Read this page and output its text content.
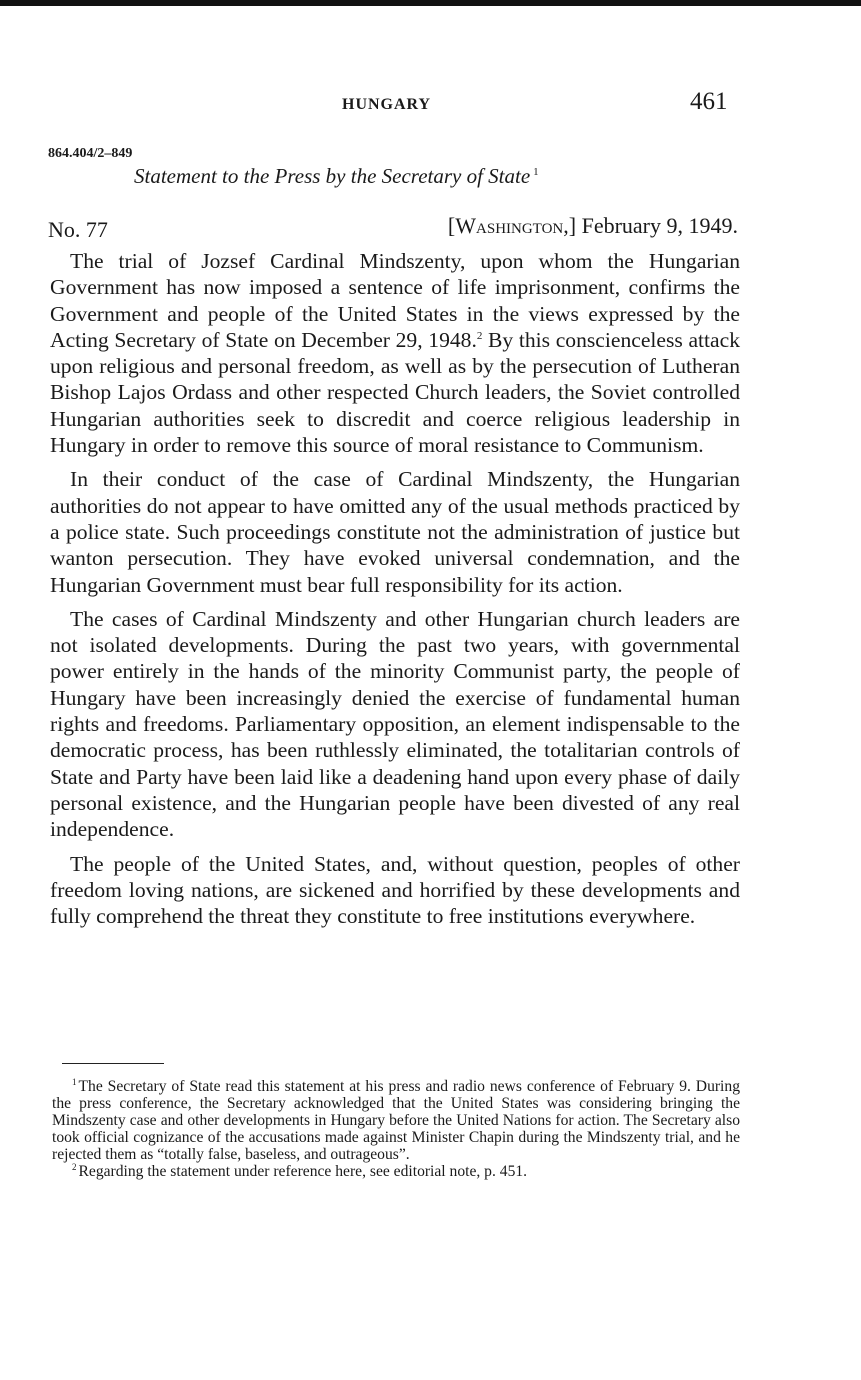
HUNGARY	461
864.404/2–849
Statement to the Press by the Secretary of State $^1$
No. 77	[Washington,] February 9, 1949.

The trial of Jozsef Cardinal Mindszenty, upon whom the Hungarian Government has now imposed a sentence of life imprisonment, confirms the Government and people of the United States in the views expressed by the Acting Secretary of State on December 29, 1948.$^2$ By this conscienceless attack upon religious and personal freedom, as well as by the persecution of Lutheran Bishop Lajos Ordass and other respected Church leaders, the Soviet controlled Hungarian authorities seek to discredit and coerce religious leadership in Hungary in order to remove this source of moral resistance to Communism.

In their conduct of the case of Cardinal Mindszenty, the Hungarian authorities do not appear to have omitted any of the usual methods practiced by a police state. Such proceedings constitute not the administration of justice but wanton persecution. They have evoked universal condemnation, and the Hungarian Government must bear full responsibility for its action.

The cases of Cardinal Mindszenty and other Hungarian church leaders are not isolated developments. During the past two years, with governmental power entirely in the hands of the minority Communist party, the people of Hungary have been increasingly denied the exercise of fundamental human rights and freedoms. Parliamentary opposition, an element indispensable to the democratic process, has been ruthlessly eliminated, the totalitarian controls of State and Party have been laid like a deadening hand upon every phase of daily personal existence, and the Hungarian people have been divested of any real independence.

The people of the United States, and, without question, peoples of other freedom loving nations, are sickened and horrified by these developments and fully comprehend the threat they constitute to free institutions everywhere.

$^1$ The Secretary of State read this statement at his press and radio news conference of February 9. During the press conference, the Secretary acknowledged that the United States was considering bringing the Mindszenty case and other developments in Hungary before the United Nations for action. The Secretary also took official cognizance of the accusations made against Minister Chapin during the Mindszenty trial, and he rejected them as “totally false, baseless, and outrageous”.

$^2$ Regarding the statement under reference here, see editorial note, p. 451.
